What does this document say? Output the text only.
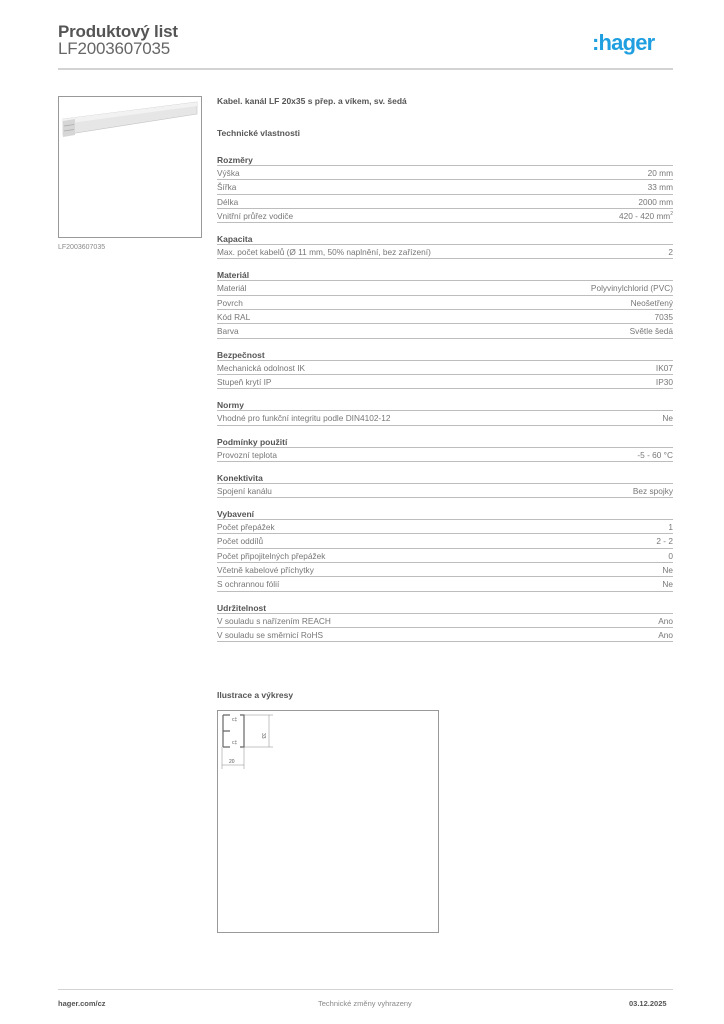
Produktový list
LF2003607035	:hager
LF2003607035
Kabel. kanál LF 20x35 s přep. a víkem, sv. šedá
Technické vlastnosti
Rozměry
Výška	20 mm
Šířka	33 mm
Délka	2000 mm
Vnitřní průřez vodiče	420 - 420 $mm^2$
Kapacita
Max. počet kabelů (Ø 11 mm, 50% naplnění, bez zařízení)	2
Materiál
Materiál	Polyvinylchlorid (PVC)
Povrch	Neošetřený
Kód RAL	7035
Barva	Světle šedá
Bezpečnost
Mechanická odolnost IK	IK07
Stupeň krytí IP	IP30
Normy
Vhodné pro funkční integritu podle DIN4102-12	Ne
Podmínky použití
Provozní teplota	-5 - 60 °C
Konektivita
Spojení kanálu	Bez spojky
Vybavení
Počet přepážek	1
Počet oddílů	2 - 2
Počet připojitelných přepážek	0
Včetně kabelové příchytky	Ne
S ochrannou fólií	Ne
Udržitelnost
V souladu s nařízením REACH	Ano
V souladu se směrnicí RoHS	Ano
Ilustrace a výkresy
c‡
c‡
33
20
hager.com/cz	Technické změny vyhrazeny	03.12.2025
